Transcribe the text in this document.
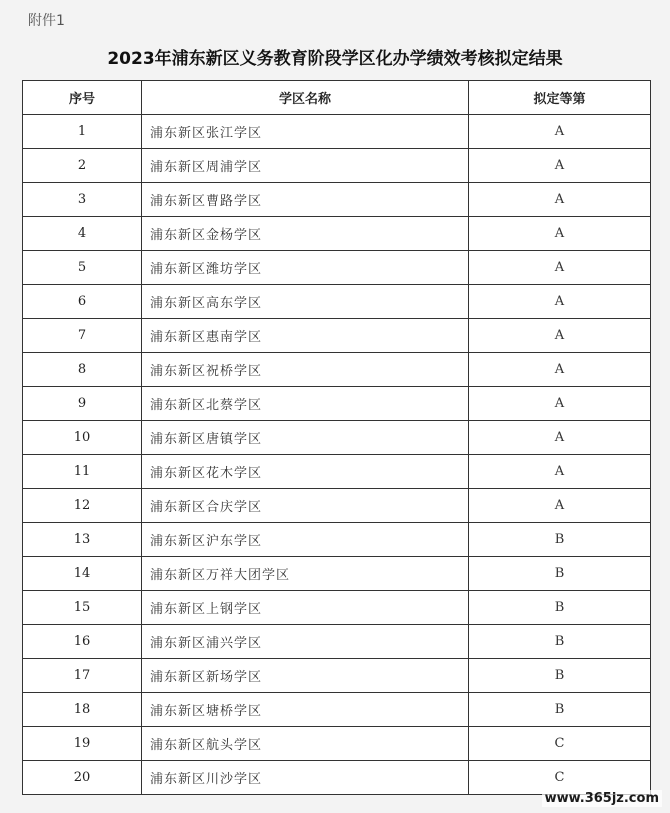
附件1
2023年浦东新区义务教育阶段学区化办学绩效考核拟定结果
序号	学区名称	拟定等第
1	浦东新区张江学区	A
2	浦东新区周浦学区	A
3	浦东新区曹路学区	A
4	浦东新区金杨学区	A
5	浦东新区潍坊学区	A
6	浦东新区高东学区	A
7	浦东新区惠南学区	A
8	浦东新区祝桥学区	A
9	浦东新区北蔡学区	A
10	浦东新区唐镇学区	A
11	浦东新区花木学区	A
12	浦东新区合庆学区	A
13	浦东新区沪东学区	B
14	浦东新区万祥大团学区	B
15	浦东新区上钢学区	B
16	浦东新区浦兴学区	B
17	浦东新区新场学区	B
18	浦东新区塘桥学区	B
19	浦东新区航头学区	C
20	浦东新区川沙学区	C
www.365jz.com
